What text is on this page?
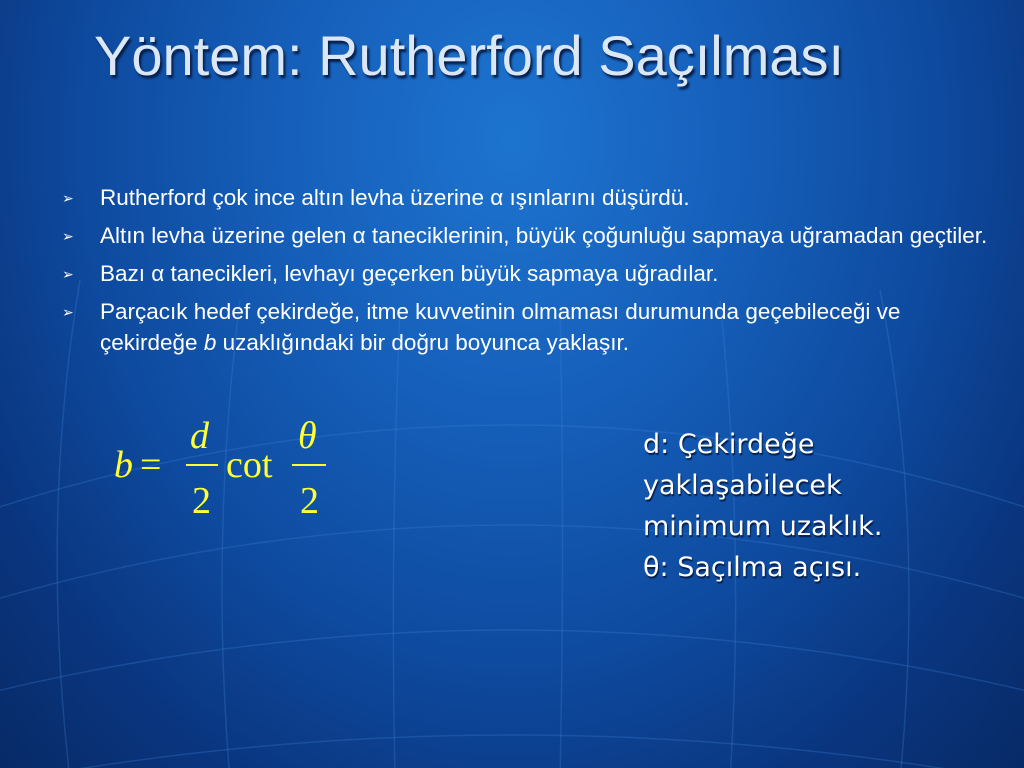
Yöntem: Rutherford Saçılması
➢ Rutherford çok ince altın levha üzerine α ışınlarını düşürdü.
➢ Altın levha üzerine gelen α taneciklerinin, büyük çoğunluğu sapmaya uğramadan geçtiler.
➢ Bazı α tanecikleri, levhayı geçerken büyük sapmaya uğradılar.
➢ Parçacık hedef çekirdeğe, itme kuvvetinin olmaması durumunda geçebileceği ve çekirdeğe b uzaklığındaki bir doğru boyunca yaklaşır.
b =
d
2
cot
θ
2
d: Çekirdeğe
yaklaşabilecek
minimum uzaklık.
θ: Saçılma açısı.
